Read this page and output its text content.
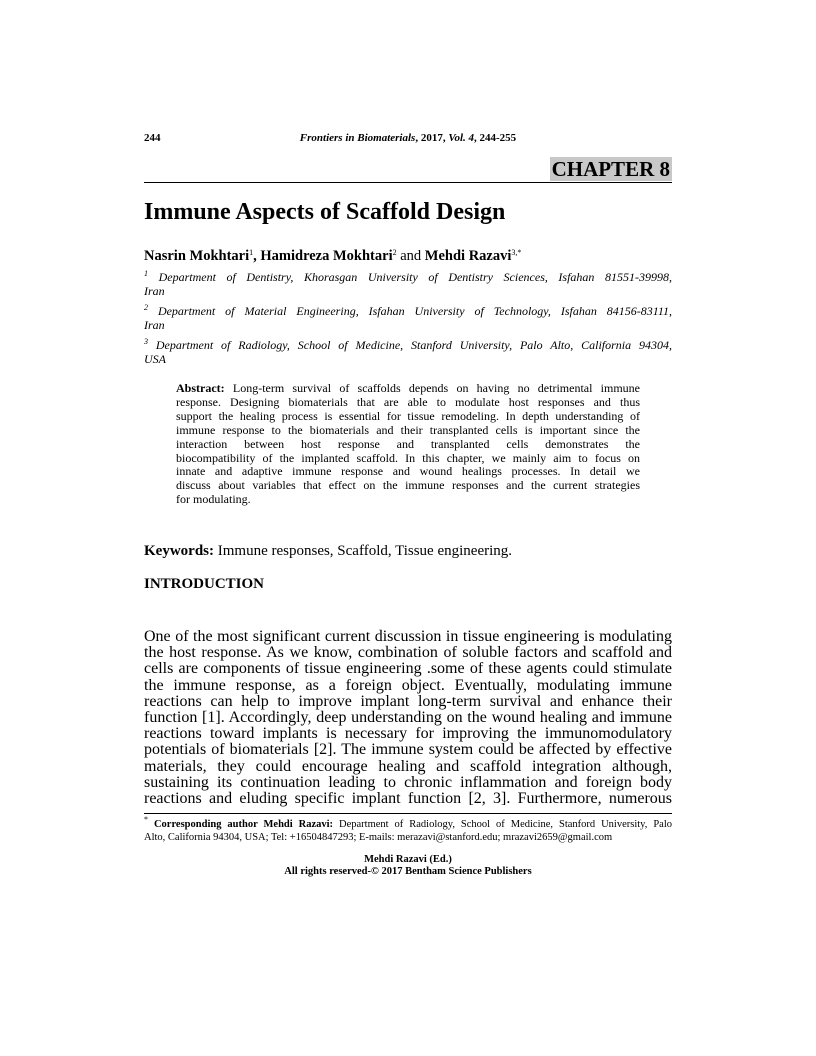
244	Frontiers in Biomaterials, 2017, Vol. 4, 244-255
CHAPTER 8
Immune Aspects of Scaffold Design
Nasrin Mokhtari$^1$, Hamidreza Mokhtari$^2$ and Mehdi Razavi$^{3,*}$
$^1$ Department of Dentistry, Khorasgan University of Dentistry Sciences, Isfahan 81551-39998,
Iran
$^2$ Department of Material Engineering, Isfahan University of Technology, Isfahan 84156-83111,
Iran
$^3$ Department of Radiology, School of Medicine, Stanford University, Palo Alto, California 94304,
USA
Abstract: Long-term survival of scaffolds depends on having no detrimental immune
response. Designing biomaterials that are able to modulate host responses and thus
support the healing process is essential for tissue remodeling. In depth understanding of
immune response to the biomaterials and their transplanted cells is important since the
interaction between host response and transplanted cells demonstrates the
biocompatibility of the implanted scaffold. In this chapter, we mainly aim to focus on
innate and adaptive immune response and wound healings processes. In detail we
discuss about variables that effect on the immune responses and the current strategies
for modulating.
Keywords: Immune responses, Scaffold, Tissue engineering.
INTRODUCTION
One of the most significant current discussion in tissue engineering is modulating
the host response. As we know, combination of soluble factors and scaffold and
cells are components of tissue engineering .some of these agents could stimulate
the immune response, as a foreign object. Eventually, modulating immune
reactions can help to improve implant long-term survival and enhance their
function [1]. Accordingly, deep understanding on the wound healing and immune
reactions toward implants is necessary for improving the immunomodulatory
potentials of biomaterials [2]. The immune system could be affected by effective
materials, they could encourage healing and scaffold integration although,
sustaining its continuation leading to chronic inflammation and foreign body
reactions and eluding specific implant function [2, 3]. Furthermore, numerous
* Corresponding author Mehdi Razavi: Department of Radiology, School of Medicine, Stanford University, Palo
Alto, California 94304, USA; Tel: +16504847293; E-mails: merazavi@stanford.edu; mrazavi2659@gmail.com
Mehdi Razavi (Ed.)
All rights reserved-© 2017 Bentham Science Publishers
